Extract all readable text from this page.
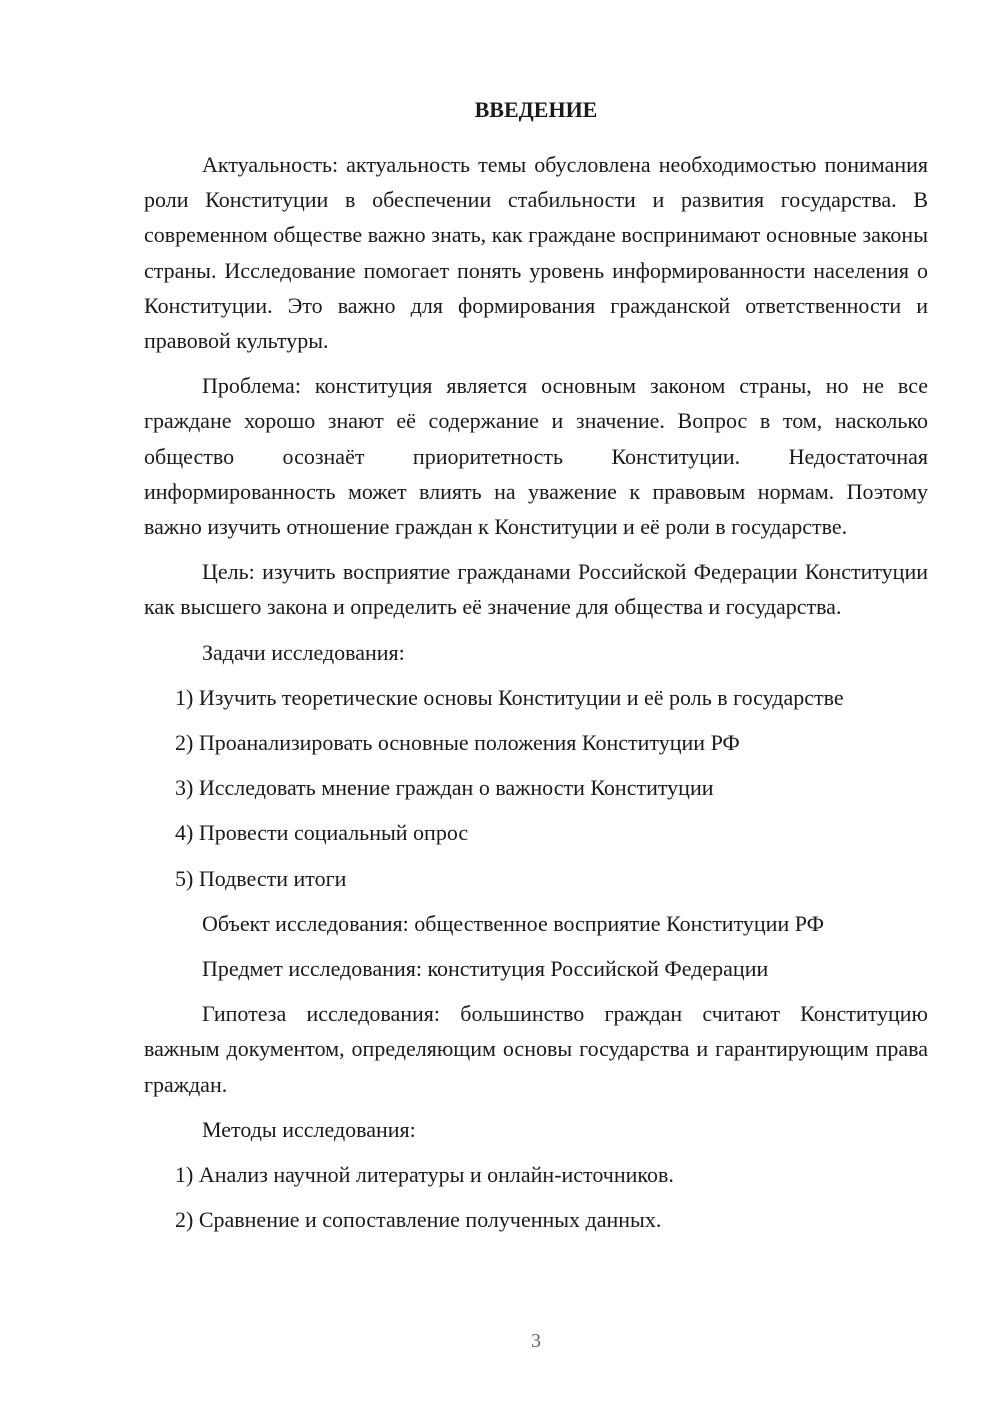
ВВЕДЕНИЕ

Актуальность: актуальность темы обусловлена необходимостью понимания роли Конституции в обеспечении стабильности и развития государства. В современном обществе важно знать, как граждане воспринимают основные законы страны. Исследование помогает понять уровень информированности населения о Конституции. Это важно для формирования гражданской ответственности и правовой культуры.

Проблема: конституция является основным законом страны, но не все граждане хорошо знают её содержание и значение. Вопрос в том, насколько общество осознаёт приоритетность Конституции. Недостаточная информированность может влиять на уважение к правовым нормам. Поэтому важно изучить отношение граждан к Конституции и её роли в государстве.

Цель: изучить восприятие гражданами Российской Федерации Конституции как высшего закона и определить её значение для общества и государства.

Задачи исследования:

1) Изучить теоретические основы Конституции и её роль в государстве

2) Проанализировать основные положения Конституции РФ

3) Исследовать мнение граждан о важности Конституции

4) Провести социальный опрос

5) Подвести итоги

Объект исследования: общественное восприятие Конституции РФ

Предмет исследования: конституция Российской Федерации

Гипотеза исследования: большинство граждан считают Конституцию важным документом, определяющим основы государства и гарантирующим права граждан.

Методы исследования:

1) Анализ научной литературы и онлайн-источников.

2) Сравнение и сопоставление полученных данных.

3
